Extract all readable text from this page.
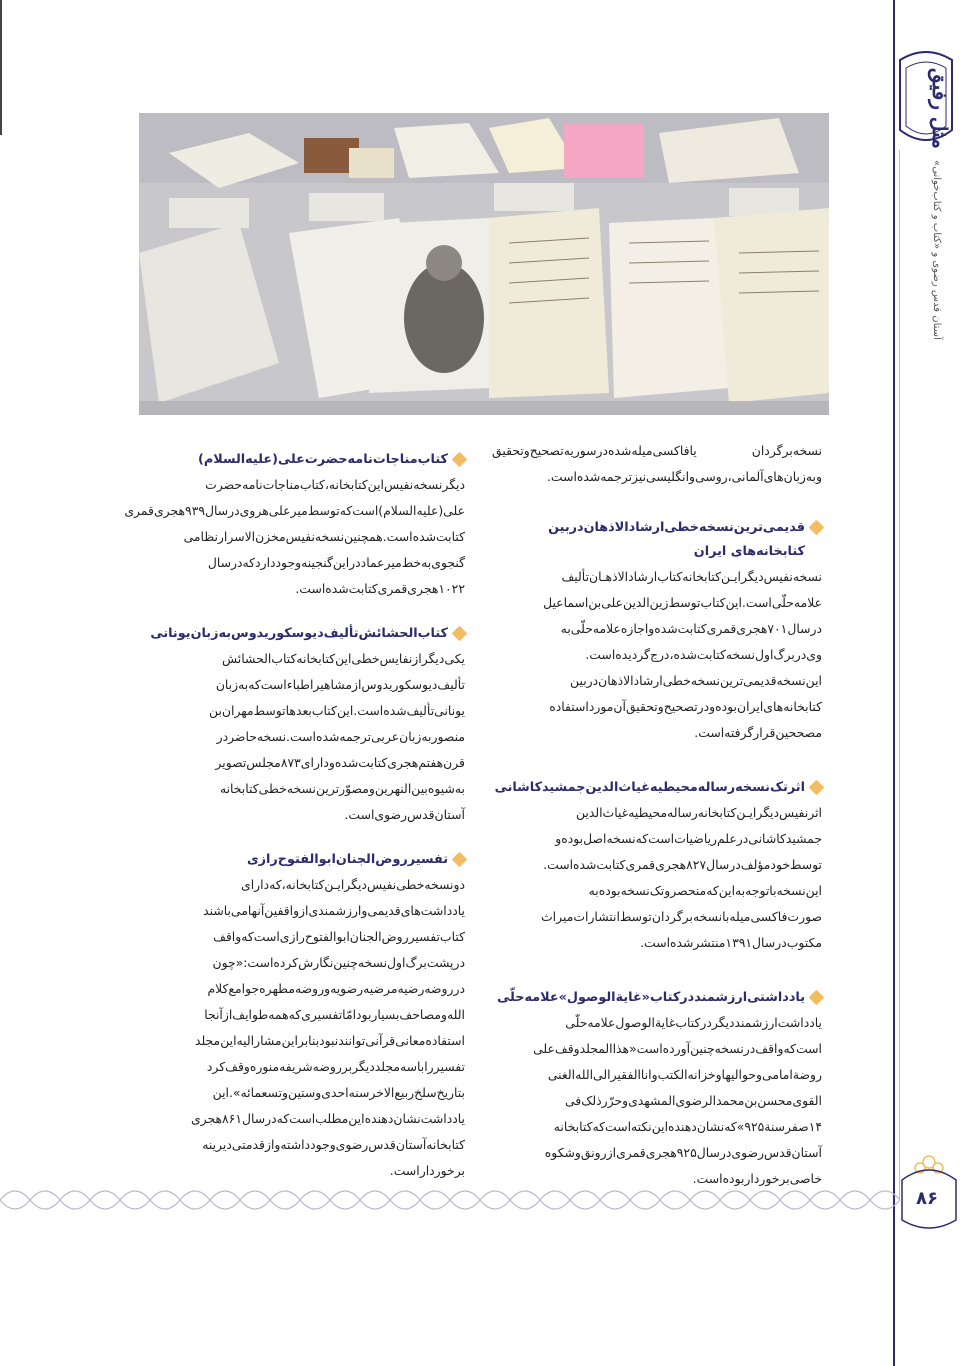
مثل رفیق
آستان قدس رضوی و «کتاب و کتاب‌خوانی»
۸۶

نسخه‌برگردان یافاکسی‌میله‌شده‌درسوریه‌تصحیح‌وتحقیق وبه‌زبان‌های‌آلمانی،روسی‌وانگلیسی‌نیزترجمه‌شده‌است.

قدیمی‌ترین‌نسخه‌خطی‌ارشادالاذهان‌دربین کتابخانه‌های ایران

نسخه‌نفیس‌دیگرایـن‌کتابخانه‌کتاب‌ارشادالاذهـان‌تألیف علامه‌حلّی‌است.این‌کتاب‌توسط‌زین‌الدین‌علی‌بن‌اسماعیل درسال۷۰۱هجری‌قمری‌کتابت‌شده‌واجازه‌علامه‌حلّی‌به وی‌در‌برگ‌اول‌نسخه‌کتابت‌شده،درج‌گردیده‌است.

این‌نسخه‌قدیمی‌ترین‌نسخه‌خطی‌ارشادالاذهان‌دربین کتابخانه‌های‌ایران‌بوده‌ودرتصحیح‌وتحقیق‌آن‌مورداستفاده مصححین‌قرارگرفته‌است.

اثرتک‌نسخه‌رساله‌محیطیه‌غیاث‌الدین‌جمشیدکاشانی

اثرنفیس‌دیگرایـن‌کتابخانه‌رساله‌محیطیه‌غیاث‌الدین جمشید‌کاشانی‌درعلم‌ریاضیات‌است‌که‌نسخه‌اصل‌بوده‌و توسط‌خودمؤلف‌درسال۸۲۷هجری‌قمری‌کتابت‌شده‌است.

این‌نسخه‌باتوجه‌به‌این‌که‌منحصروتک‌نسخه‌بوده‌به صورت‌فاکسی‌میله‌بانسخه‌برگردان‌توسط‌انتشارات‌میراث مکتوب‌درسال۱۳۹۱منتشرشده‌است.

یادداشتی‌ارزشمنددرکتاب«غایة‌الوصول»علامه‌حلّی

یادداشت‌ارزشمنددیگردرکتاب‌غایة‌الوصول‌علامه‌حلّی است‌که‌واقف‌درنسخه‌چنین‌آورده‌است«هذاالمجلدوقف‌علی روضة‌امامی‌وحوالیهاوخزانه‌الکتب‌وانا‌الفقیرالی‌الله‌الغنی القوی‌محسن‌بن‌محمدالرضوی‌المشهدی‌وحرّرذلک‌فی ۱۴صفرسنة۹۲۵»که‌نشان‌دهنده‌این‌نکته‌است‌که‌کتابخانه آستان‌قدس‌رضوی‌درسال۹۲۵هجری‌قمری‌ازرونق‌وشکوه خاصی‌برخورداربوده‌است.

کتاب‌مناجات‌نامه‌حضرت‌علی‌(علیه‌السلام)

دیگرنسخه‌نفیس‌این‌کتابخانه،کتاب‌مناجات‌نامه‌حضرت علی(علیه‌السلام)است‌که‌توسط‌میرعلی‌هروی‌درسال۹۳۹هجری‌قمری کتابت‌شده‌است.همچنین‌نسخه‌نفیس‌مخزن‌الاسرارنظامی گنجوی‌به‌خط‌میرعماددراین‌گنجینه‌وجوددارد‌که‌درسال ۱۰۲۲هجری‌قمری‌کتابت‌شده‌است.

کتاب‌الحشائش‌تألیف‌دیوسکوریدوس‌به‌زبان‌یونانی

یکی‌دیگرازنفایس‌خطی‌این‌کتابخانه‌کتاب‌الحشائش تألیف‌دیوسکوریدوس‌ازمشاهیراطباءاست‌که‌به‌زبان یونانی‌تألیف‌شده‌است.این‌کتاب‌بعدهاتوسط‌مهران‌بن منصوربه‌زبان‌عربی‌ترجمه‌شده‌است.نسخه‌حاضردر قرن‌هفتم‌هجری‌کتابت‌شده‌ودارای۸۷۳مجلس‌تصویر به‌شیوه‌بین‌النهرین‌ومصوّرترین‌نسخه‌خطی‌کتابخانه آستان‌قدس‌رضوی‌است.

تفسیرروض‌الجنان‌ابوالفتوح‌رازی

دونسخه‌خطی‌نفیس‌دیگرایـن‌کتابخانه،که‌دارای یادداشت‌های‌قدیمی‌وارزشمندی‌ازواقفین‌آنهامی‌باشند کتاب‌تفسیرروض‌الجنان‌ابوالفتوح‌رازی‌است‌که‌واقف درپشت‌برگ‌اول‌نسخه‌چنین‌نگارش‌کرده‌است:«چون درروضه‌رضیه‌مرضیه‌رضویه‌وروضه‌مطهره‌جوامع‌کلام الله‌ومصاحف‌بسیاربودامّاتفسیری‌که‌همه‌طوایف‌ازآنجا استفاده‌معانی‌قرآنی‌توانندنبودبنابراین‌مشارالیه‌این‌مجلد تفسیررابا‌سه‌مجلددیگربرروضه‌شریفه‌منوره‌وقف‌کرد بتاریخ‌سلخ‌ربیع‌الاخرسنه‌احدی‌وستین‌وتسعمائه».این یادداشت‌نشان‌دهنده‌این‌مطلب‌است‌که‌درسال۸۶۱هجری کتابخانه‌آستان‌قدس‌رضوی‌وجودداشته‌وازقدمتی‌دیرینه برخوردار‌است.
